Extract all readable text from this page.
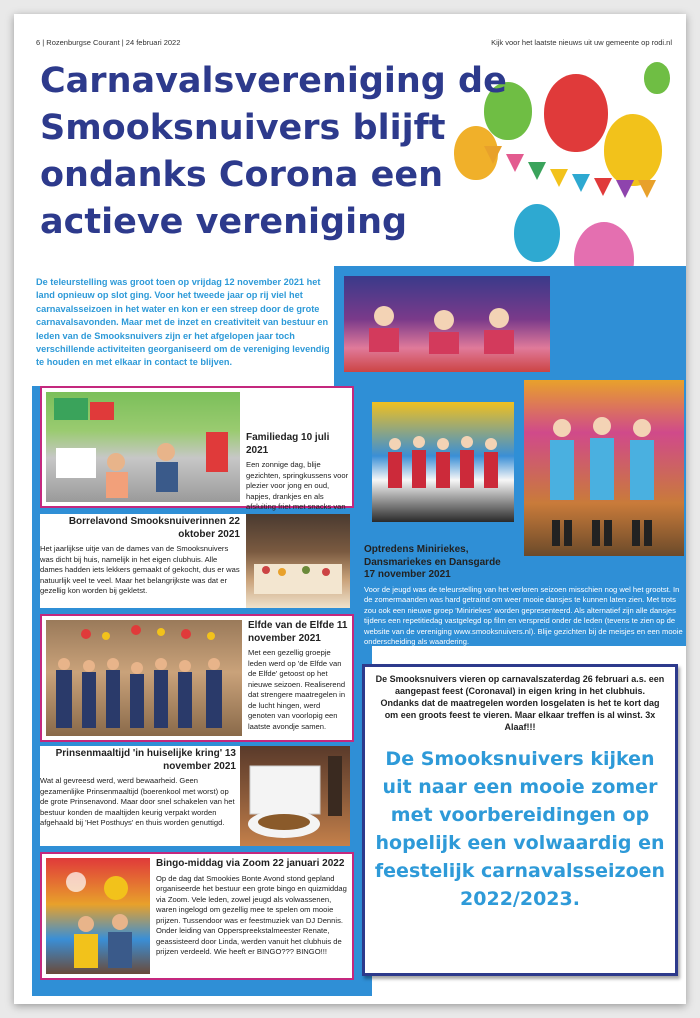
6 | Rozenburgse Courant | 24 februari 2022	Kijk voor het laatste nieuws uit uw gemeente op rodi.nl
Carnavalsvereniging de Smooksnuivers blijft ondanks Corona een actieve vereniging

De teleurstelling was groot toen op vrijdag 12 november 2021 het land opnieuw op slot ging. Voor het tweede jaar op rij viel het carnavalsseizoen in het water en kon er een streep door de grote carnavalsavonden. Maar met de inzet en creativiteit van bestuur en leden van de Smooksnuivers zijn er het afgelopen jaar toch verschillende activiteiten georganiseerd om de vereniging levendig te houden en met elkaar in contact te blijven.

Optredens Miniriekes, Dansmariekes en Dansgarde 17 november 2021
Voor de jeugd was de teleurstelling van het verloren seizoen misschien nog wel het grootst. In de zomermaanden was hard getraind om weer mooie dansjes te kunnen laten zien. Met trots zou ook een nieuwe groep 'Miniriekes' worden gepresenteerd. Als alternatief zijn alle dansjes tijdens een repetitiedag vastgelegd op film en verspreid onder de leden (tevens te zien op de website van de vereniging www.smooksnuivers.nl). Blije gezichten bij de meisjes en een mooie onderscheiding als waardering.
Familiedag 10 juli 2021
Een zonnige dag, blije gezichten, springkussens voor plezier voor jong en oud, hapjes, drankjes en als afsluiting friet met snacks van
Borrelavond Smooksnuiverinnen 22 oktober 2021
Het jaarlijkse uitje van de dames van de Smooksnuivers was dicht bij huis, namelijk in het eigen clubhuis. Alle dames hadden iets lekkers gemaakt of gekocht, dus er was natuurlijk veel te veel. Maar het belangrijkste was dat er gezellig kon worden bij gekletst.
Elfde van de Elfde 11 november 2021
Met een gezellig groepje leden werd op 'de Elfde van de Elfde' getoost op het nieuwe seizoen. Realiserend dat strengere maatregelen in de lucht hingen, werd genoten van voorlopig een laatste avondje samen.
Prinsenmaaltijd 'in huiselijke kring' 13 november 2021
Wat al gevreesd werd, werd bewaarheid. Geen gezamenlijke Prinsenmaaltijd (boerenkool met worst) op de grote Prinsenavond. Maar door snel schakelen van het bestuur konden de maaltijden keurig verpakt worden afgehaald bij 'Het Posthuys' en thuis worden genuttigd.
Bingo-middag via Zoom 22 januari 2022
Op de dag dat Smookies Bonte Avond stond gepland organiseerde het bestuur een grote bingo en quizmiddag via Zoom. Vele leden, zowel jeugd als volwassenen, waren ingelogd om gezellig mee te spelen om mooie prijzen. Tussendoor was er feestmuziek van DJ Dennis. Onder leiding van Opperspreekstalmeester Renate, geassisteerd door Linda, werden vanuit het clubhuis de prijzen verdeeld. Wie heeft er BINGO??? BINGO!!!
De Smooksnuivers vieren op carnavalszaterdag 26 februari a.s. een aangepast feest (Coronaval) in eigen kring in het clubhuis. Ondanks dat de maatregelen worden losgelaten is het te kort dag om een groots feest te vieren. Maar elkaar treffen is al winst. 3x Alaaf!!!
De Smooksnuivers kijken uit naar een mooie zomer met voorbereidingen op hopelijk een volwaardig en feestelijk carnavalsseizoen 2022/2023.
